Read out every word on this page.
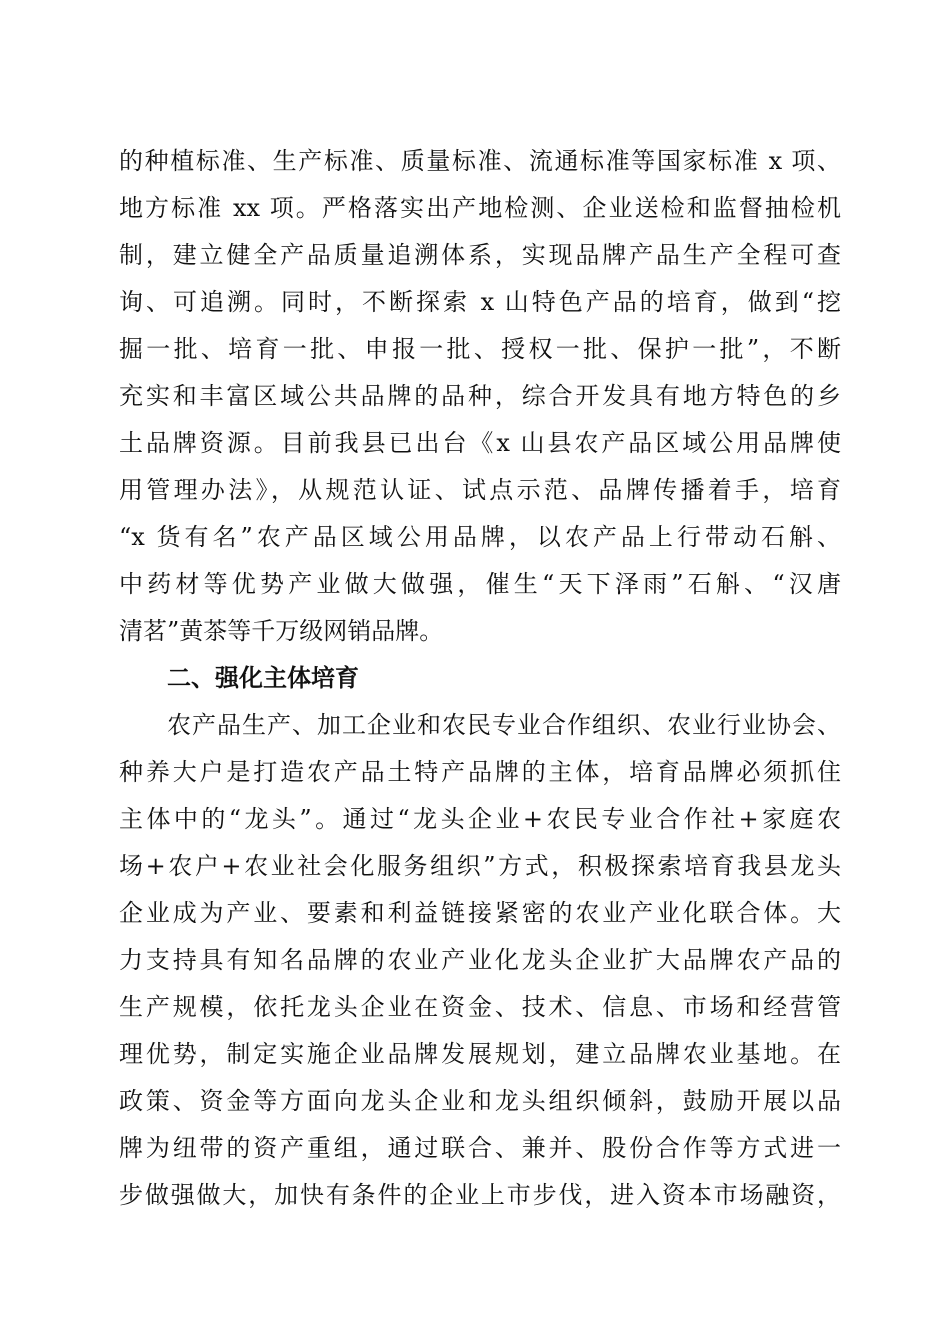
的种植标准、生产标准、质量标准、流通标准等国家标准 x 项、
地方标准 xx 项。严格落实出产地检测、企业送检和监督抽检机
制，建立健全产品质量追溯体系，实现品牌产品生产全程可查
询、可追溯。同时，不断探索 x 山特色产品的培育，做到“挖
掘一批、培育一批、申报一批、授权一批、保护一批”，不断
充实和丰富区域公共品牌的品种，综合开发具有地方特色的乡
土品牌资源。目前我县已出台《x 山县农产品区域公用品牌使
用管理办法》，从规范认证、试点示范、品牌传播着手，培育
“x 货有名”农产品区域公用品牌，以农产品上行带动石斛、
中药材等优势产业做大做强，催生“天下泽雨”石斛、“汉唐
清茗”黄茶等千万级网销品牌。
二、强化主体培育
农产品生产、加工企业和农民专业合作组织、农业行业协会、
种养大户是打造农产品土特产品牌的主体，培育品牌必须抓住
主体中的“龙头”。通过“龙头企业+农民专业合作社+家庭农
场+农户+农业社会化服务组织”方式，积极探索培育我县龙头
企业成为产业、要素和利益链接紧密的农业产业化联合体。大
力支持具有知名品牌的农业产业化龙头企业扩大品牌农产品的
生产规模，依托龙头企业在资金、技术、信息、市场和经营管
理优势，制定实施企业品牌发展规划，建立品牌农业基地。在
政策、资金等方面向龙头企业和龙头组织倾斜，鼓励开展以品
牌为纽带的资产重组，通过联合、兼并、股份合作等方式进一
步做强做大，加快有条件的企业上市步伐，进入资本市场融资，
